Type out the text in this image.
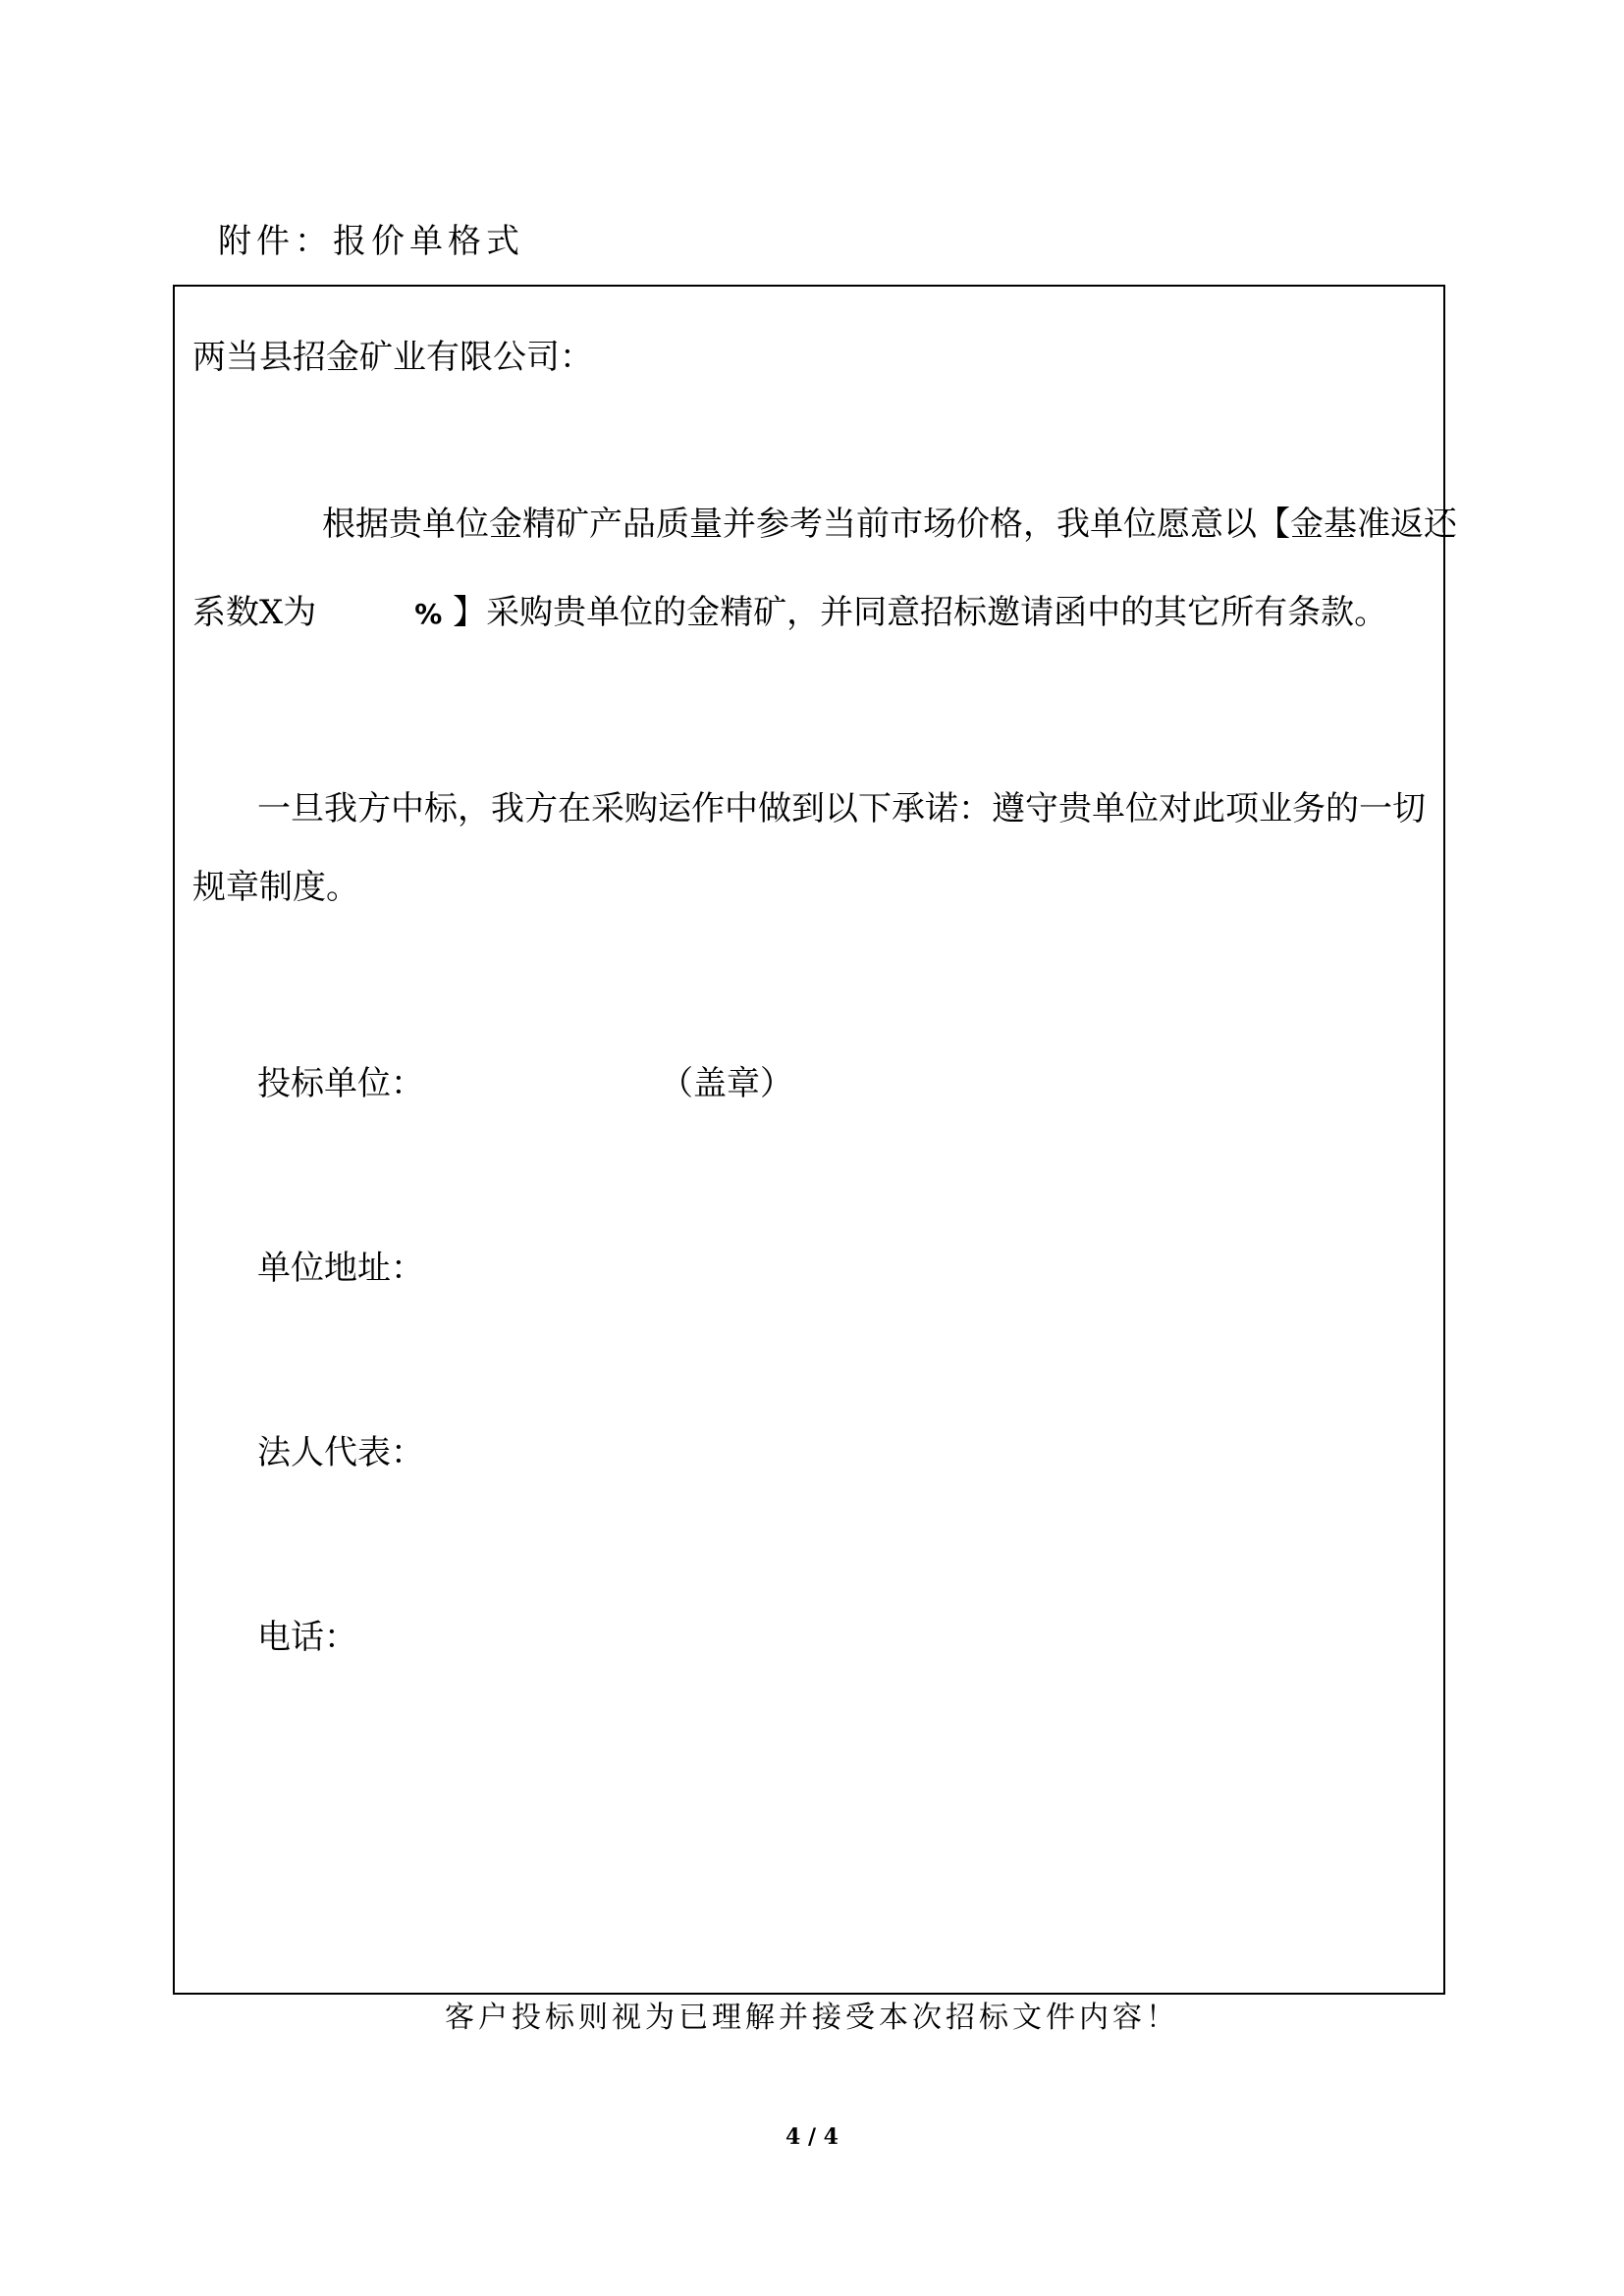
附件：报价单格式
两当县招金矿业有限公司：
根据贵单位金精矿产品质量并参考当前市场价格，我单位愿意以【金基准返还
系数X为	% 】采购贵单位的金精矿，并同意招标邀请函中的其它所有条款。
一旦我方中标，我方在采购运作中做到以下承诺：遵守贵单位对此项业务的一切
规章制度。
投标单位：	（盖章）
单位地址：
法人代表：
电话：
客户投标则视为已理解并接受本次招标文件内容！
4 / 4
